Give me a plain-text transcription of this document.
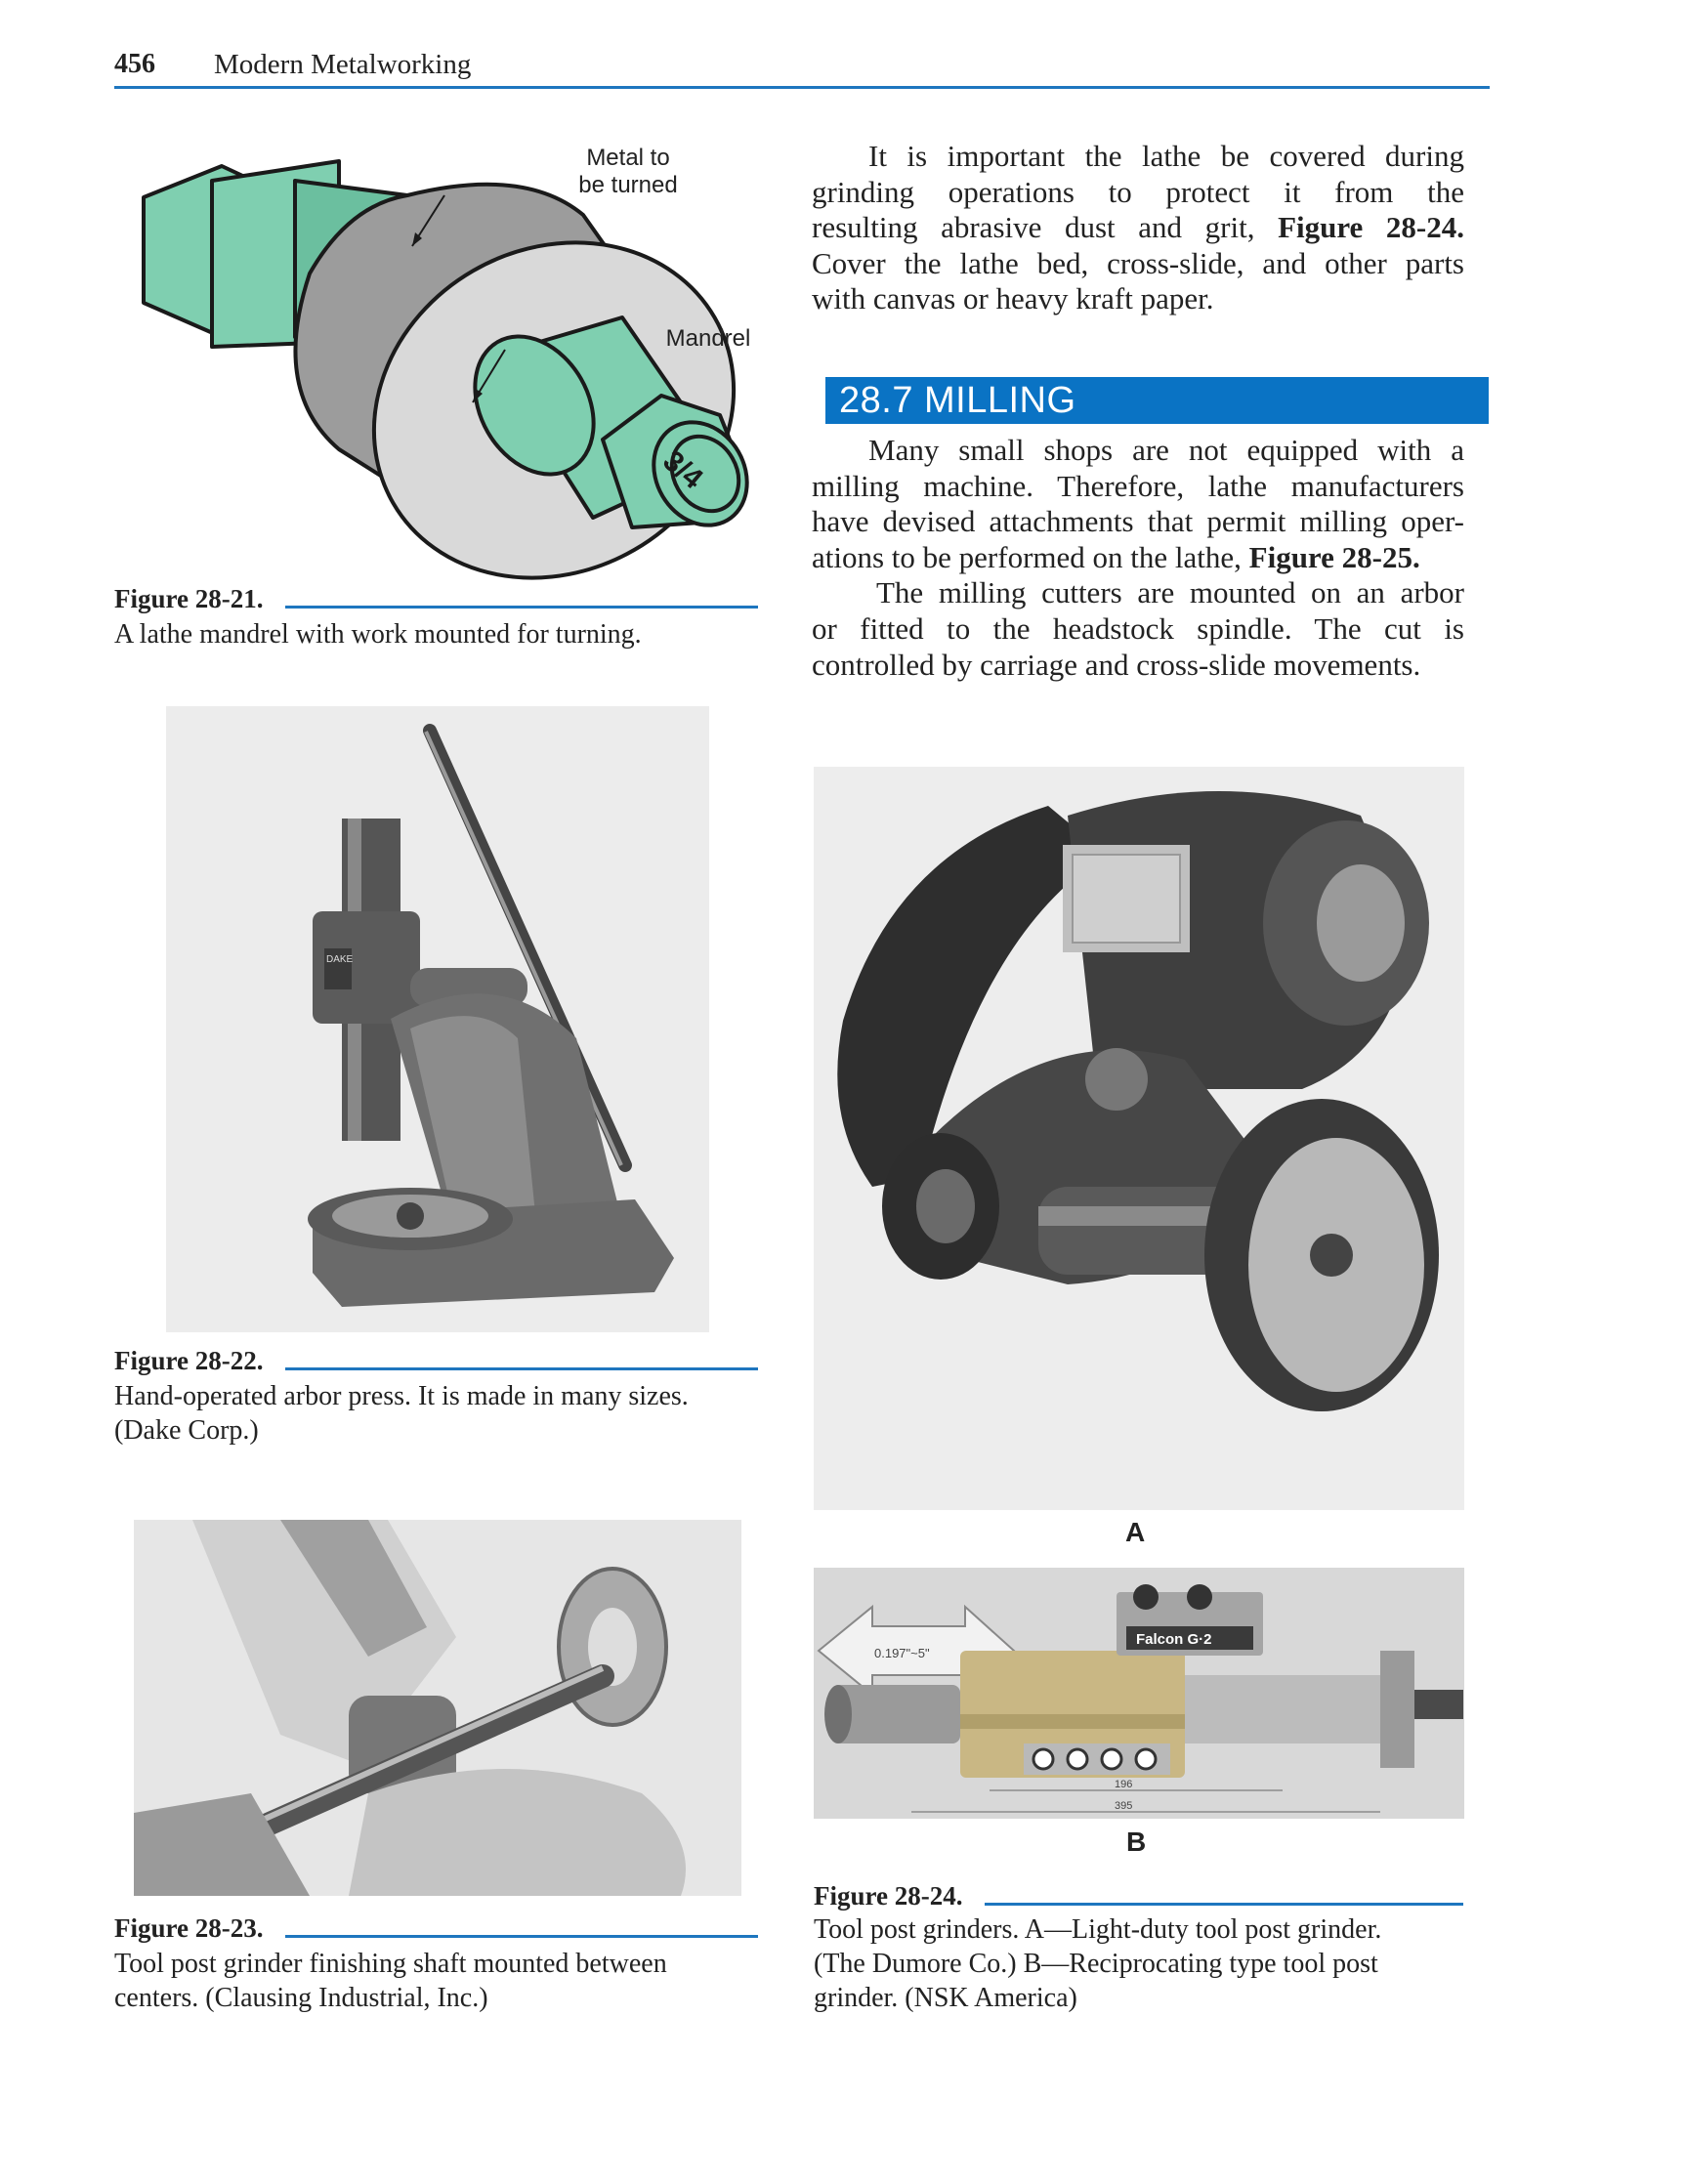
456 Modern Metalworking
3/4
Metal to
be turned
Mandrel
Figure 28-21.
A lathe mandrel with work mounted for turning.
It is important the lathe be covered during
grinding operations to protect it from the
resulting abrasive dust and grit, Figure 28-24.
Cover the lathe bed, cross-slide, and other parts
with canvas or heavy kraft paper.
28.7 MILLING
Many small shops are not equipped with a
milling machine. Therefore, lathe manufacturers
have devised attachments that permit milling oper-
ations to be performed on the lathe, Figure 28-25.
The milling cutters are mounted on an arbor
or fitted to the headstock spindle. The cut is
controlled by carriage and cross-slide movements.
DAKE
Figure 28-22.
Hand-operated arbor press. It is made in many sizes.
(Dake Corp.)
A
0.197"~5"
Falcon G·2
196
395
B
Figure 28-23.
Tool post grinder finishing shaft mounted between
centers. (Clausing Industrial, Inc.)
Figure 28-24.
Tool post grinders. A—Light-duty tool post grinder.
(The Dumore Co.) B—Reciprocating type tool post
grinder. (NSK America)
